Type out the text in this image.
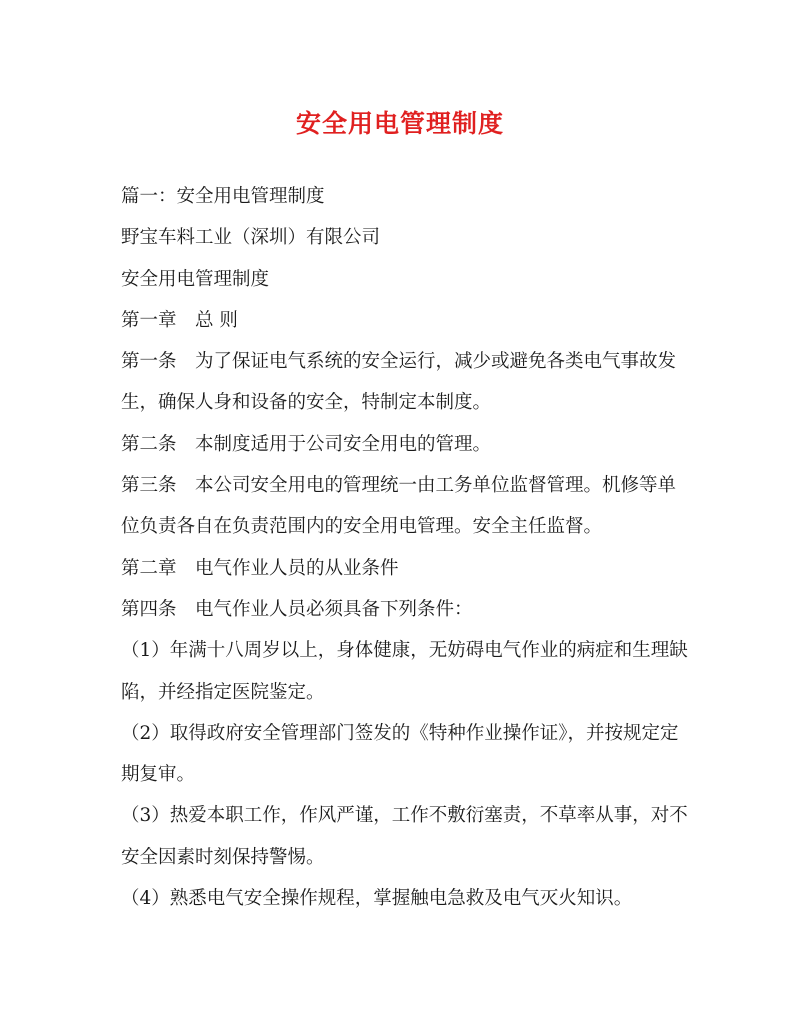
安全用电管理制度

篇一：安全用电管理制度

野宝车料工业（深圳）有限公司

安全用电管理制度

第一章　总 则

第一条　为了保证电气系统的安全运行，减少或避免各类电气事故发

生，确保人身和设备的安全，特制定本制度。

第二条　本制度适用于公司安全用电的管理。

第三条　本公司安全用电的管理统一由工务单位监督管理。机修等单

位负责各自在负责范围内的安全用电管理。安全主任监督。

第二章　电气作业人员的从业条件

第四条　电气作业人员必须具备下列条件：

（1）年满十八周岁以上，身体健康，无妨碍电气作业的病症和生理缺

陷，并经指定医院鉴定。

（2）取得政府安全管理部门签发的《特种作业操作证》，并按规定定

期复审。

（3）热爱本职工作，作风严谨，工作不敷衍塞责，不草率从事，对不

安全因素时刻保持警惕。

（4）熟悉电气安全操作规程，掌握触电急救及电气灭火知识。
